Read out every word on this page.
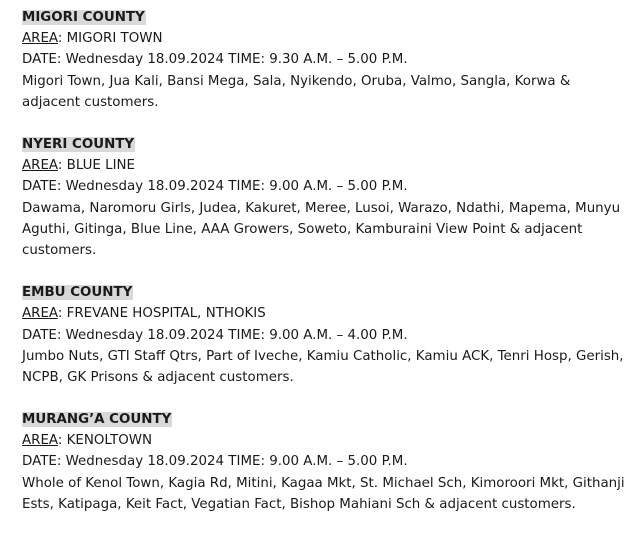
MIGORI COUNTY
AREA: MIGORI TOWN
DATE: Wednesday 18.09.2024 TIME: 9.30 A.M. – 5.00 P.M.
Migori Town, Jua Kali, Bansi Mega, Sala, Nyikendo, Oruba, Valmo, Sangla, Korwa & adjacent customers.
NYERI COUNTY
AREA: BLUE LINE
DATE: Wednesday 18.09.2024 TIME: 9.00 A.M. – 5.00 P.M.
Dawama, Naromoru Girls, Judea, Kakuret, Meree, Lusoi, Warazo, Ndathi, Mapema, Munyu Aguthi, Gitinga, Blue Line, AAA Growers, Soweto, Kamburaini View Point & adjacent customers.
EMBU COUNTY
AREA: FREVANE HOSPITAL, NTHOKIS
DATE: Wednesday 18.09.2024 TIME: 9.00 A.M. – 4.00 P.M.
Jumbo Nuts, GTI Staff Qtrs, Part of Iveche, Kamiu Catholic, Kamiu ACK, Tenri Hosp, Gerish, NCPB, GK Prisons & adjacent customers.
MURANG’A COUNTY
AREA: KENOLTOWN
DATE: Wednesday 18.09.2024 TIME: 9.00 A.M. – 5.00 P.M.
Whole of Kenol Town, Kagia Rd, Mitini, Kagaa Mkt, St. Michael Sch, Kimoroori Mkt, Githanji Ests, Katipaga, Keit Fact, Vegatian Fact, Bishop Mahiani Sch & adjacent customers.
